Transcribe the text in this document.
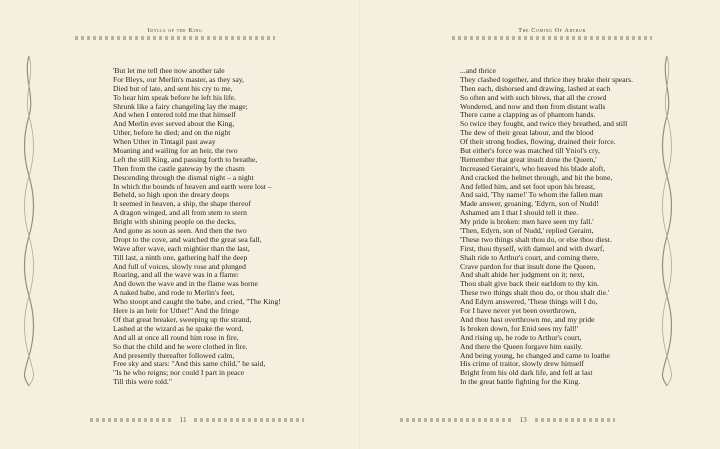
Idylls of the King
'But let me tell thee now another tale
For Bleys, our Merlin's master, as they say,
Died but of late, and sent his cry to me,
To hear him speak before he left his life.
Shrunk like a fairy changeling lay the mage;
And when I entered told me that himself
And Merlin ever served about the King,
Uther, before he died; and on the night
When Uther in Tintagil past away
Moaning and wailing for an heir, the two
Left the still King, and passing forth to breathe,
Then from the castle gateway by the chasm
Descending through the dismal night – a night
In which the bounds of heaven and earth were lost –
Beheld, so high upon the dreary deeps
It seemed in heaven, a ship, the shape thereof
A dragon winged, and all from stem to stern
Bright with shining people on the decks,
And gone as soon as seen. And then the two
Dropt to the cove, and watched the great sea fall,
Wave after wave, each mightier than the last,
Till last, a ninth one, gathering half the deep
And full of voices, slowly rose and plunged
Roaring, and all the wave was in a flame:
And down the wave and in the flame was borne
A naked babe, and rode to Merlin's feet,
Who stoopt and caught the babe, and cried, "The King!
Here is an heir for Uther!" And the fringe
Of that great breaker, sweeping up the strand,
Lashed at the wizard as he spake the word,
And all at once all round him rose in fire,
So that the child and he were clothed in fire.
And presently thereafter followed calm,
Free sky and stars: "And this same child," he said,
"Is he who reigns; nor could I part in peace
Till this were told."
11
The Coming Of Arthur
...and thrice
They clashed together, and thrice they brake their spears.
Then each, dishorsed and drawing, lashed at each
So often and with such blows, that all the crowd
Wondered, and now and then from distant walls
There came a clapping as of phantom hands.
So twice they fought, and twice they breathed, and still
The dew of their great labour, and the blood
Of their strong bodies, flowing, drained their force.
But either's force was matched till Yniol's cry,
'Remember that great insult done the Queen,'
Increased Geraint's, who heaved his blade aloft,
And cracked the helmet through, and bit the bone,
And felled him, and set foot upon his breast,
And said, 'Thy name!' To whom the fallen man
Made answer, groaning, 'Edyrn, son of Nudd!
Ashamed am I that I should tell it thee.
My pride is broken: men have seen my fall.'
'Then, Edyrn, son of Nudd,' replied Geraint,
'These two things shalt thou do, or else thou diest.
First, thou thyself, with damsel and with dwarf,
Shalt ride to Arthur's court, and coming there,
Crave pardon for that insult done the Queen,
And shalt abide her judgment on it; next,
Thou shalt give back their earldom to thy kin.
These two things shalt thou do, or thou shalt die.'
And Edyrn answered, 'These things will I do,
For I have never yet been overthrown,
And thou hast overthrown me, and my pride
Is broken down, for Enid sees my fall!'
And rising up, he rode to Arthur's court,
And there the Queen forgave him easily.
And being young, he changed and came to loathe
His crime of traitor, slowly drew himself
Bright from his old dark life, and fell at last
In the great battle fighting for the King.
13
